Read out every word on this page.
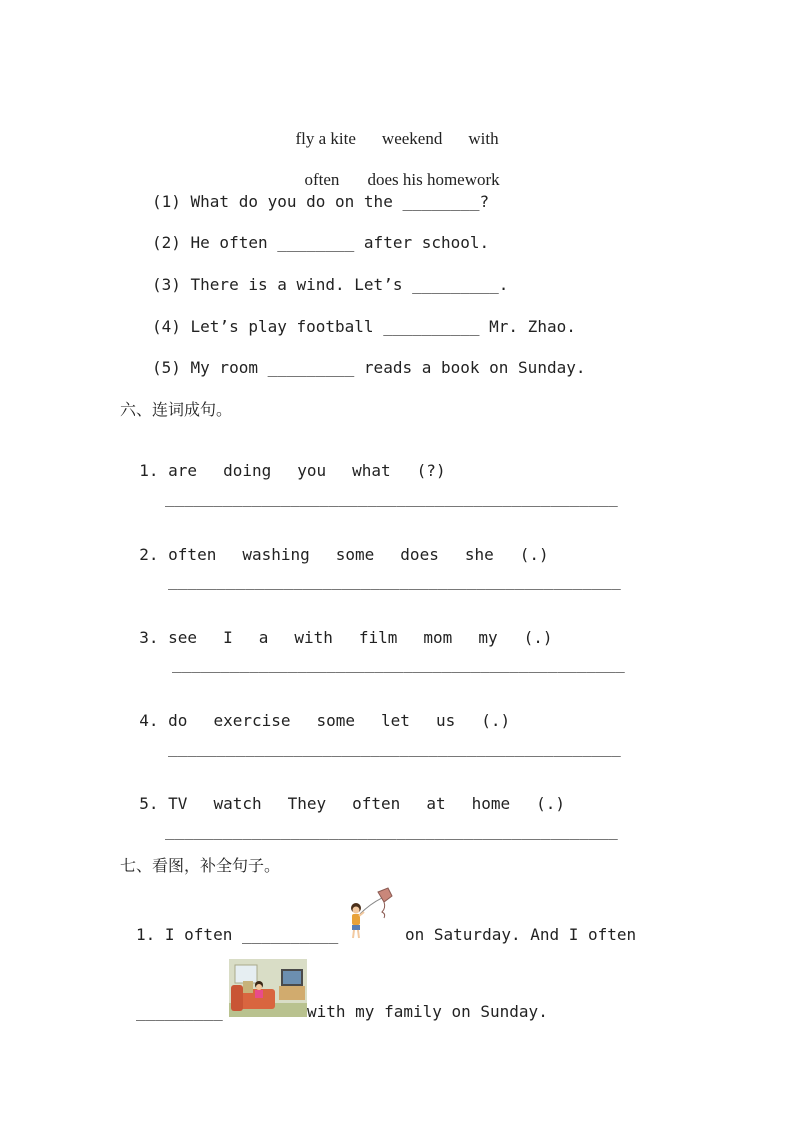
fly a kite weekend with

often does his homework

(1) What do you do on the ________?
(2) He often ________ after school.
(3) There is a wind. Let’s _________.
(4) Let’s play football __________ Mr. Zhao.
(5) My room _________ reads a book on Sunday.
六、连词成句。

1. are doing you what (?)

_______________________________________________

2. often washing some does she (.)

_______________________________________________

3. see I a with film mom my (.)

_______________________________________________

4. do exercise some let us (.)

_______________________________________________

5. TV watch They often at home (.)

_______________________________________________
七、看图，补全句子。
1. I often __________	on Saturday. And I often
_________	with my family on Sunday.
